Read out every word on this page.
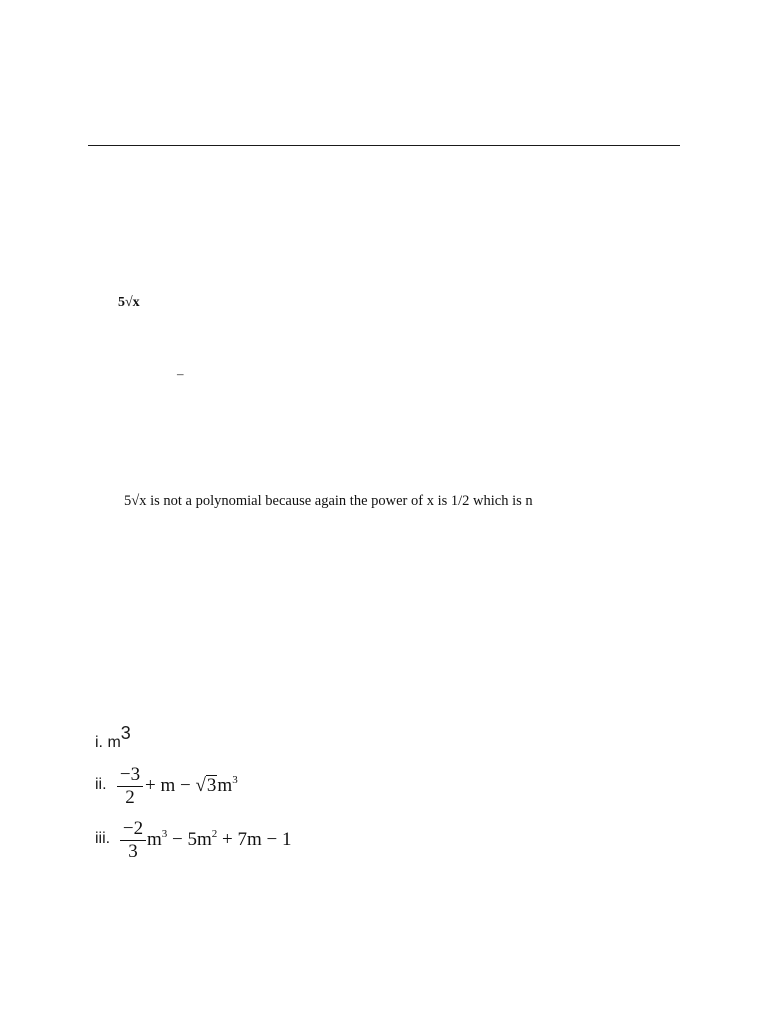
5√x
‒
5√x is not a polynomial because again the power of x is 1/2 which is n
i. m3
ii. $\frac{-3}{2} + m - √3m^3$
iii. $\frac{-2}{3} m^3 - 5m^2 + 7m - 1$
